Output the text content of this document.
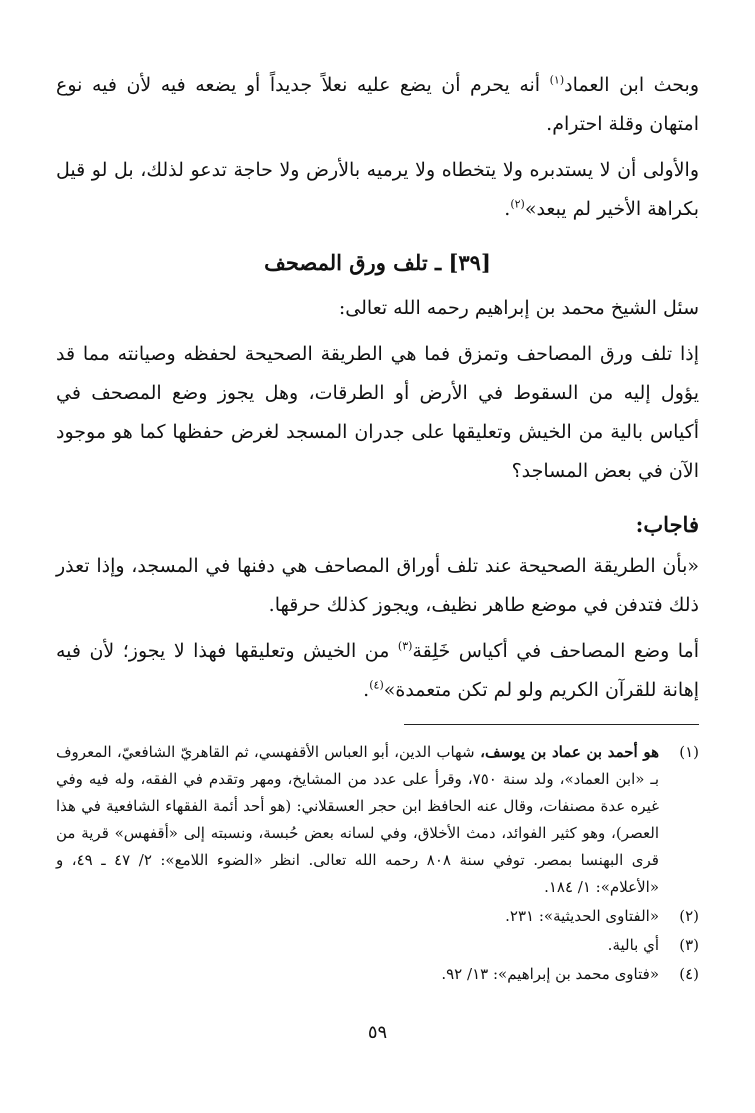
وبحث ابن العماد$^{(١)}$ أنه يحرم أن يضع عليه نعلاً جديداً أو يضعه فيه لأن فيه نوع امتهان وقلة احترام.

والأولى أن لا يستدبره ولا يتخطاه ولا يرميه بالأرض ولا حاجة تدعو لذلك، بل لو قيل بكراهة الأخير لم يبعد»$^{(٢)}$.

[٣٩] ـ تلف ورق المصحف

سئل الشيخ محمد بن إبراهيم رحمه الله تعالى:

إذا تلف ورق المصاحف وتمزق فما هي الطريقة الصحيحة لحفظه وصيانته مما قد يؤول إليه من السقوط في الأرض أو الطرقات، وهل يجوز وضع المصحف في أكياس بالية من الخيش وتعليقها على جدران المسجد لغرض حفظها كما هو موجود الآن في بعض المساجد؟

فاجاب:

«بأن الطريقة الصحيحة عند تلف أوراق المصاحف هي دفنها في المسجد، وإذا تعذر ذلك فتدفن في موضع طاهر نظيف، ويجوز كذلك حرقها.

أما وضع المصاحف في أكياس خَلِقة$^{(٣)}$ من الخيش وتعليقها فهذا لا يجوز؛ لأن فيه إهانة للقرآن الكريم ولو لم تكن متعمدة»$^{(٤)}$.

(١)
هو أحمد بن عماد بن يوسف، شهاب الدين، أبو العباس الأقفهسي، ثم القاهريّ الشافعيّ، المعروف بـ «ابن العماد»، ولد سنة ٧٥٠، وقرأ على عدد من المشايخ، ومهر وتقدم في الفقه، وله فيه وفي غيره عدة مصنفات، وقال عنه الحافظ ابن حجر العسقلاني: (هو أحد أئمة الفقهاء الشافعية في هذا العصر)، وهو كثير الفوائد، دمث الأخلاق، وفي لسانه بعض حُبسة، ونسبته إلى «أقفهس» قرية من قرى البهنسا بمصر. توفي سنة ٨٠٨ رحمه الله تعالى. انظر «الضوء اللامع»: ٢/ ٤٧ ـ ٤٩، و «الأعلام»: ١/ ١٨٤.
(٢)
«الفتاوى الحديثية»: ٢٣١.
(٣)
أي بالية.
(٤)
«فتاوى محمد بن إبراهيم»: ١٣/ ٩٢.
٥٩
